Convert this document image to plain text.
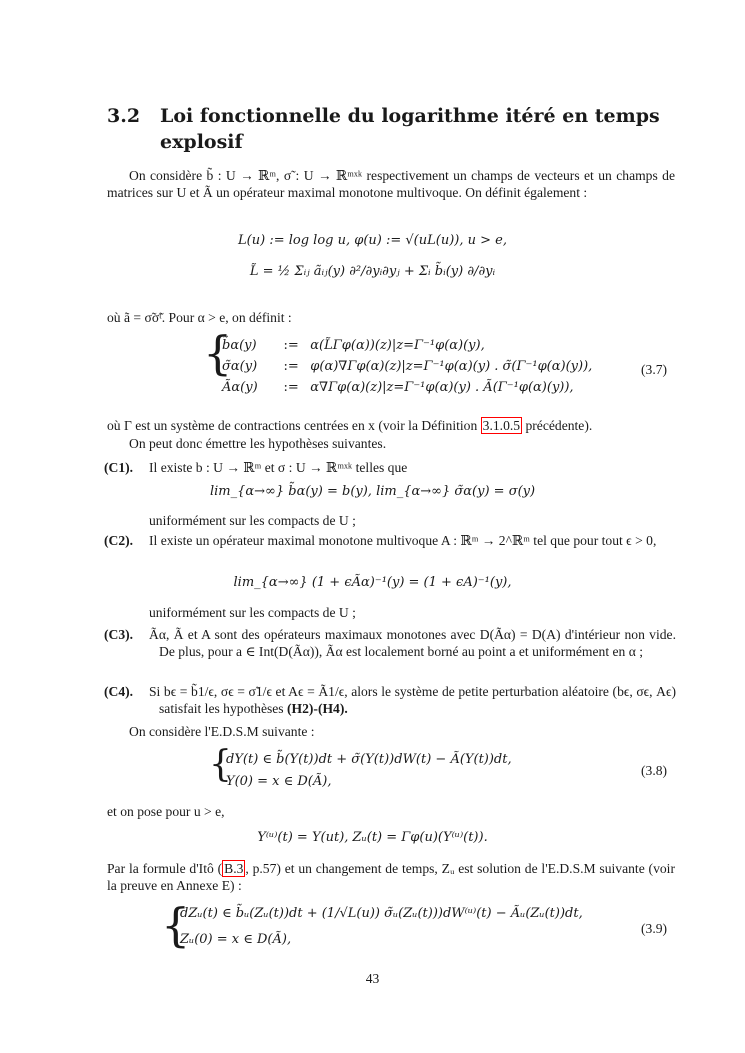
3.2 Loi fonctionnelle du logarithme itéré en temps explosif
On considère b̃ : U → ℝᵐ, σ̃ : U → ℝᵐˣᵏ respectivement un champs de vecteurs et un champs de matrices sur U et Ã un opérateur maximal monotone multivoque. On définit également :
L(u) := log log u, φ(u) := √(uL(u)), u > e,
L̃ = ½ Σᵢⱼ ãᵢⱼ(y) ∂²/∂yᵢ∂yⱼ + Σᵢ b̃ᵢ(y) ∂/∂yᵢ
où ã = σ̃σ̃ᵗ. Pour α > e, on définit :
{
b̃α(y) := α(L̃Γφ(α))(z)|z=Γ⁻¹φ(α)(y),
σ̃α(y) := φ(α)∇Γφ(α)(z)|z=Γ⁻¹φ(α)(y) . σ̃(Γ⁻¹φ(α)(y)),
Ãα(y) := α∇Γφ(α)(z)|z=Γ⁻¹φ(α)(y) . Ã(Γ⁻¹φ(α)(y)),
(3.7)
où Γ est un système de contractions centrées en x (voir la Définition 3.1.0.5 précédente).
On peut donc émettre les hypothèses suivantes.
(C1). Il existe b : U → ℝᵐ et σ : U → ℝᵐˣᵏ telles que
lim_{α→∞} b̃α(y) = b(y), lim_{α→∞} σ̃α(y) = σ(y)
uniformément sur les compacts de U ;
(C2). Il existe un opérateur maximal monotone multivoque A : ℝᵐ → 2^ℝᵐ tel que pour tout ϵ > 0,
lim_{α→∞} (1 + ϵÃα)⁻¹(y) = (1 + ϵA)⁻¹(y),
uniformément sur les compacts de U ;
(C3). Ãα, Ã et A sont des opérateurs maximaux monotones avec D(Ãα) = D(A) d'intérieur non vide. De plus, pour a ∈ Int(D(Ãα)), Ãα est localement borné au point a et uniformément en α ;
(C4). Si bϵ = b̃1/ϵ, σϵ = σ̃1/ϵ et Aϵ = Ã1/ϵ, alors le système de petite perturbation aléatoire (bϵ, σϵ, Aϵ) satisfait les hypothèses (H2)-(H4).
On considère l'E.D.S.M suivante :
{
dY(t) ∈ b̃(Y(t))dt + σ̃(Y(t))dW(t) − Ã(Y(t))dt,
Y(0) = x ∈ D(Ã),
(3.8)
et on pose pour u > e,
Y⁽ᵘ⁾(t) = Y(ut), Zᵤ(t) = Γφ(u)(Y⁽ᵘ⁾(t)).
Par la formule d'Itô ( B.3 , p.57) et un changement de temps, Zᵤ est solution de l'E.D.S.M suivante (voir la preuve en Annexe E) :
{
dZᵤ(t) ∈ b̃ᵤ(Zᵤ(t))dt + (1/√L(u)) σ̃ᵤ(Zᵤ(t)))dW⁽ᵘ⁾(t) − Ãᵤ(Zᵤ(t))dt,
Zᵤ(0) = x ∈ D(Ã),
(3.9)
43
